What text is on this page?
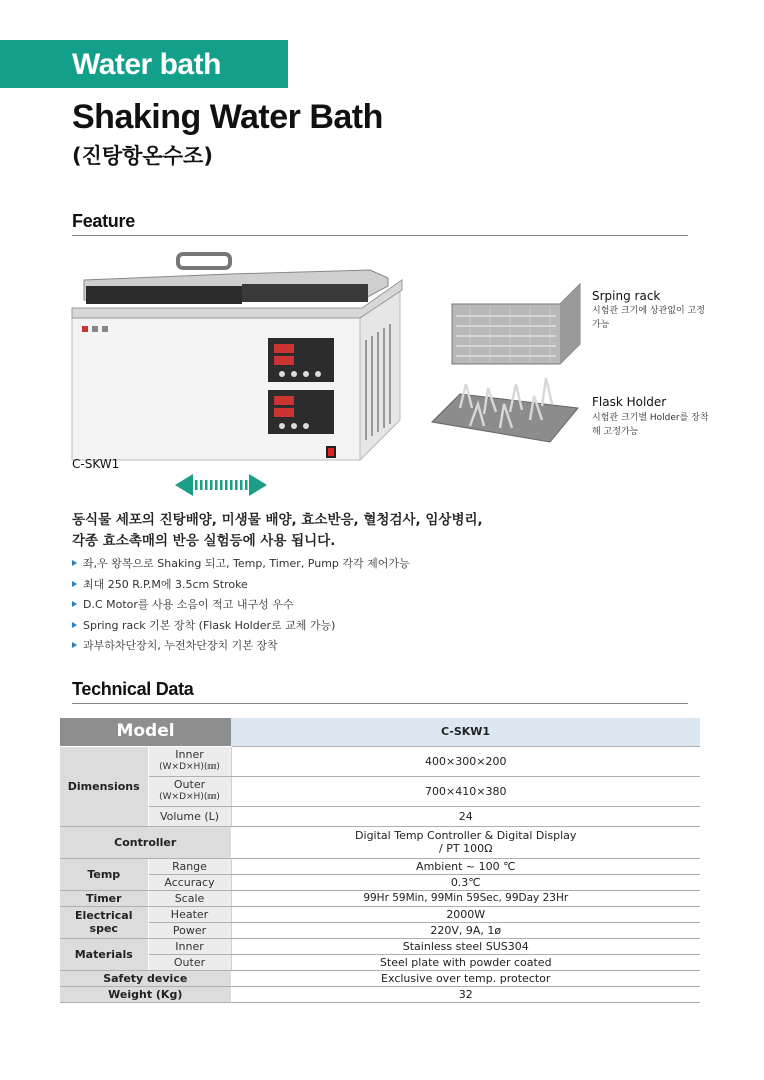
Water bath
Shaking Water Bath
(진탕항온수조)
Feature
C-SKW1
Srping rack
시험관 크기에 상관없이 고정가능
Flask Holder
시험관 크기별 Holder를 장착해 고정가능
동식물 세포의 진탕배양, 미생물 배양, 효소반응, 혈청검사, 임상병리,
각종 효소촉매의 반응 실험등에 사용 됩니다.
좌,우 왕복으로 Shaking 되고, Temp, Timer, Pump 각각 제어가능
최대 250 R.P.M에 3.5cm Stroke
D.C Motor를 사용 소음이 적고 내구성 우수
Spring rack 기본 장착 (Flask Holder로 교체 가능)
과부하차단장치, 누전차단장치 기본 장착
Technical Data
Model		C-SKW1
Dimensions	Inner
(W×D×H)(㎜)	400×300×200

	Outer
(W×D×H)(㎜)	700×410×380
	Volume (L)	24
Controller		Digital Temp Controller & Digital Display
/ PT 100Ω

Temp	Range	Ambient ~ 100 ℃
	Accuracy	0.3℃
Timer	Scale	99Hr 59Min, 99Min 59Sec, 99Day 23Hr
Electrical spec	Heater	2000W
	Power	220V, 9A, 1ø
Materials	Inner	Stainless steel SUS304
	Outer	Steel plate with powder coated
Safety device		Exclusive over temp. protector
Weight (Kg)		32
